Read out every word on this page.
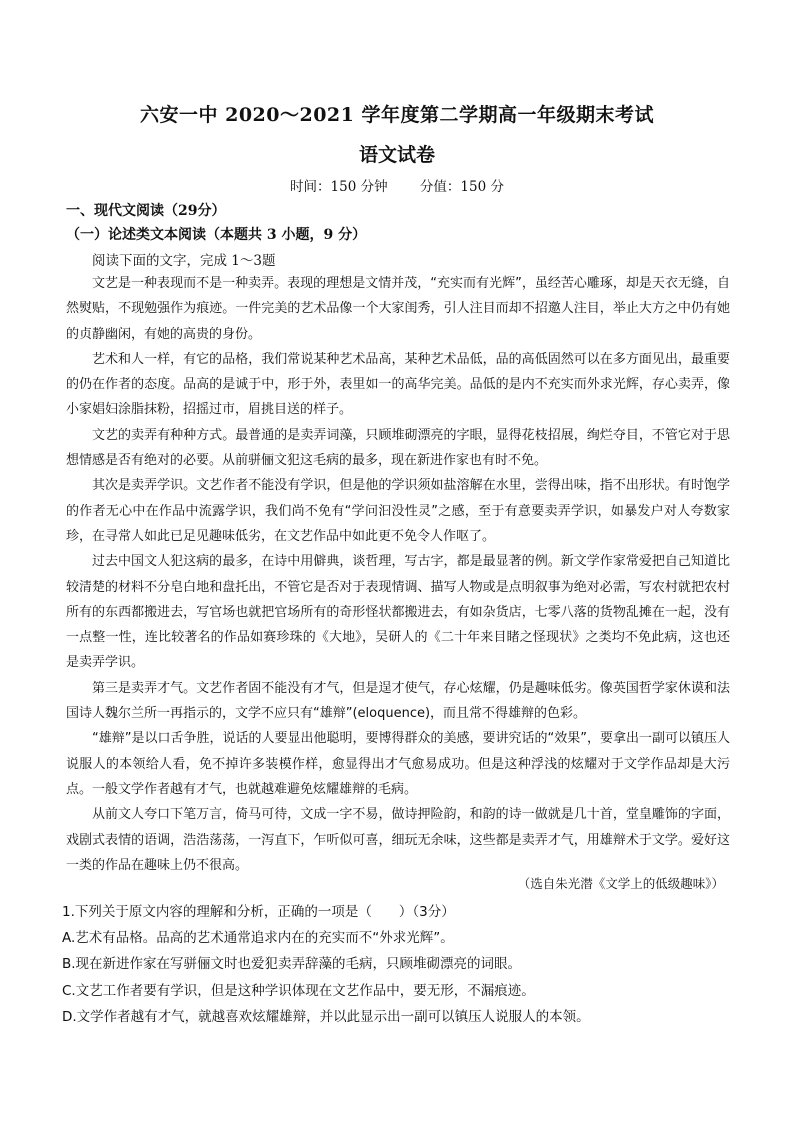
六安一中 2020～2021 学年度第二学期高一年级期末考试
语文试卷
时间：150 分钟 分值：150 分
一、现代文阅读（29分）
（一）论述类文本阅读（本题共 3 小题，9 分）
阅读下面的文字，完成 1～3题

文艺是一种表现而不是一种卖弄。表现的理想是文情并茂，“充实而有光辉”，虽经苦心雕琢，却是天衣无缝，自然熨贴，不现勉强作为痕迹。一件完美的艺术品像一个大家闺秀，引人注目而却不招邀人注目，举止大方之中仍有她的贞静幽闲，有她的高贵的身份。

艺术和人一样，有它的品格，我们常说某种艺术品高，某种艺术品低，品的高低固然可以在多方面见出，最重要的仍在作者的态度。品高的是诚于中，形于外，表里如一的高华完美。品低的是内不充实而外求光辉，存心卖弄，像小家娼妇涂脂抹粉，招摇过市，眉挑目送的样子。

文艺的卖弄有种种方式。最普通的是卖弄词藻，只顾堆砌漂亮的字眼，显得花枝招展，绚烂夺目，不管它对于思想情感是否有绝对的必要。从前骈俪文犯这毛病的最多，现在新进作家也有时不免。

其次是卖弄学识。文艺作者不能没有学识，但是他的学识须如盐溶解在水里，尝得出味，指不出形状。有时饱学的作者无心中在作品中流露学识，我们尚不免有“学问汩没性灵”之感，至于有意要卖弄学识，如暴发户对人夸数家珍，在寻常人如此已足见趣味低劣，在文艺作品中如此更不免令人作呕了。

过去中国文人犯这病的最多，在诗中用僻典，谈哲理，写古字，都是最显著的例。新文学作家常爱把自己知道比较清楚的材料不分皂白地和盘托出，不管它是否对于表现情调、描写人物或是点明叙事为绝对必需，写农村就把农村所有的东西都搬进去，写官场也就把官场所有的奇形怪状都搬进去，有如杂货店，七零八落的货物乱摊在一起，没有一点整一性，连比较著名的作品如赛珍珠的《大地》，吴研人的《二十年来目睹之怪现状》之类均不免此病，这也还是卖弄学识。

第三是卖弄才气。文艺作者固不能没有才气，但是逞才使气，存心炫耀，仍是趣味低劣。像英国哲学家休谟和法国诗人魏尔兰所一再指示的，文学不应只有“雄辩”(eloquence)，而且常不得雄辩的色彩。

“雄辩”是以口舌争胜，说话的人要显出他聪明，要博得群众的美感，要讲究话的“效果”，要拿出一副可以镇压人说服人的本领给人看，免不掉许多装模作样，愈显得出才气愈易成功。但是这种浮浅的炫耀对于文学作品却是大污点。一般文学作者越有才气，也就越难避免炫耀雄辩的毛病。

从前文人夸口下笔万言，倚马可待，文成一字不易，做诗押险韵，和韵的诗一做就是几十首，堂皇雕饰的字面，戏剧式表情的语调，浩浩荡荡，一泻直下，乍听似可喜，细玩无余味，这些都是卖弄才气，用雄辩术于文学。爱好这一类的作品在趣味上仍不很高。

（选自朱光潜《文学上的低级趣味》）
1.下列关于原文内容的理解和分析，正确的一项是（　　）（3分）
A.艺术有品格。品高的艺术通常追求内在的充实而不“外求光辉”。
B.现在新进作家在写骈俪文时也爱犯卖弄辞藻的毛病，只顾堆砌漂亮的词眼。
C.文艺工作者要有学识，但是这种学识体现在文艺作品中，要无形，不漏痕迹。
D.文学作者越有才气，就越喜欢炫耀雄辩，并以此显示出一副可以镇压人说服人的本领。
